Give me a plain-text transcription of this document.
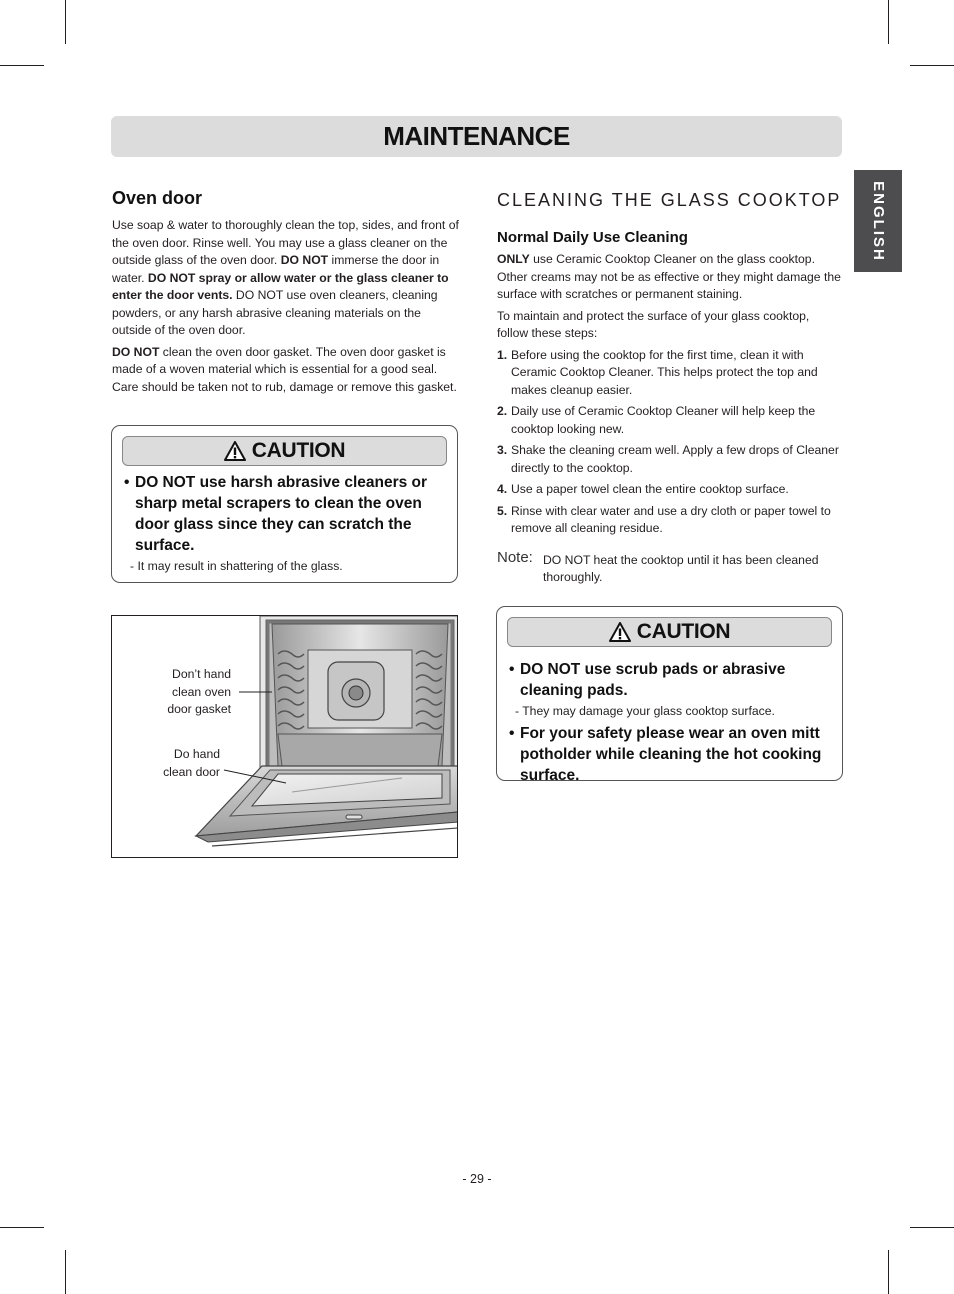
MAINTENANCE
ENGLISH
Oven door

Use soap & water to thoroughly clean the top, sides, and front of the oven door. Rinse well. You may use a glass cleaner on the outside glass of the oven door. DO NOT immerse the door in water. DO NOT spray or allow water or the glass cleaner to enter the door vents. DO NOT use oven cleaners, cleaning powders, or any harsh abrasive cleaning materials on the outside of the oven door.

DO NOT clean the oven door gasket. The oven door gasket is made of a woven material which is essential for a good seal. Care should be taken not to rub, damage or remove this gasket.

CAUTION
• DO NOT use harsh abrasive cleaners or sharp metal scrapers to clean the oven door glass since they can scratch the surface.
- It may result in shattering of the glass.
Don’t hand clean oven door gasket
Do hand clean door
CLEANING THE GLASS COOKTOP
Normal Daily Use Cleaning

ONLY use Ceramic Cooktop Cleaner on the glass cooktop. Other creams may not be as effective or they might damage the surface with scratches or permanent staining.

To maintain and protect the surface of your glass cooktop, follow these steps:

1. Before using the cooktop for the first time, clean it with Ceramic Cooktop Cleaner. This helps protect the top and makes cleanup easier.
2. Daily use of Ceramic Cooktop Cleaner will help keep the cooktop looking new.
3. Shake the cleaning cream well. Apply a few drops of Cleaner directly to the cooktop.
4. Use a paper towel clean the entire cooktop surface.
5. Rinse with clear water and use a dry cloth or paper towel to remove all cleaning residue.
Note: DO NOT heat the cooktop until it has been cleaned thoroughly.
CAUTION
• DO NOT use scrub pads or abrasive cleaning pads.
- They may damage your glass cooktop surface.
• For your safety please wear an oven mitt potholder while cleaning the hot cooking surface.
- 29 -
